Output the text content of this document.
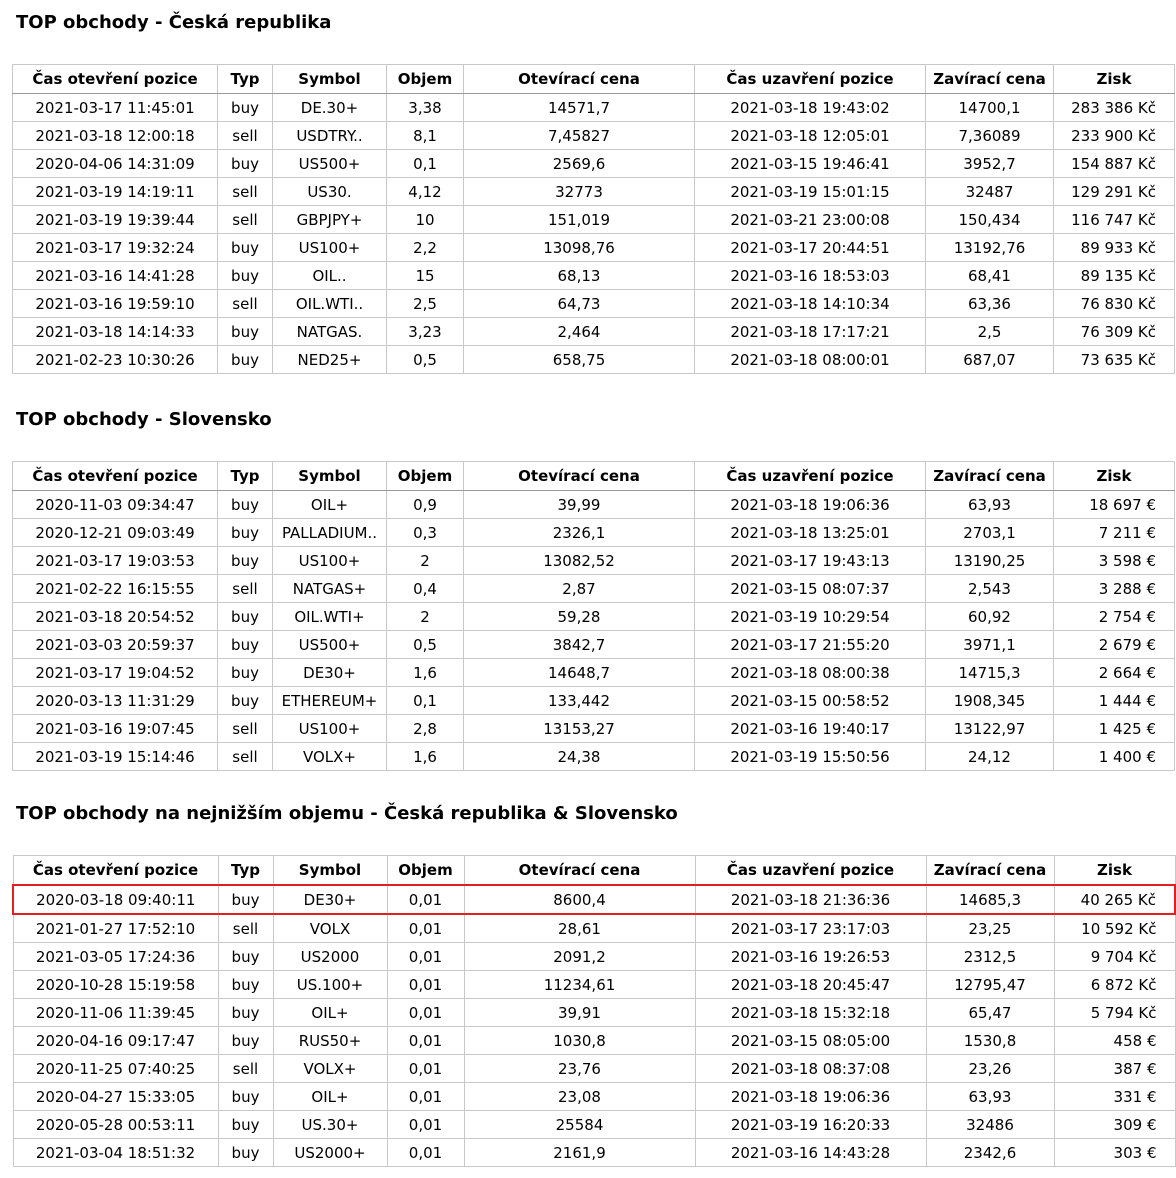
TOP obchody - Česká republika
Čas otevření pozice	Typ	Symbol	Objem	Otevírací cena	Čas uzavření pozice	Zavírací cena	Zisk
2021-03-17 11:45:01	buy	DE.30+	3,38	14571,7	2021-03-18 19:43:02	14700,1	283 386 Kč
2021-03-18 12:00:18	sell	USDTRY..	8,1	7,45827	2021-03-18 12:05:01	7,36089	233 900 Kč
2020-04-06 14:31:09	buy	US500+	0,1	2569,6	2021-03-15 19:46:41	3952,7	154 887 Kč
2021-03-19 14:19:11	sell	US30.	4,12	32773	2021-03-19 15:01:15	32487	129 291 Kč
2021-03-19 19:39:44	sell	GBPJPY+	10	151,019	2021-03-21 23:00:08	150,434	116 747 Kč
2021-03-17 19:32:24	buy	US100+	2,2	13098,76	2021-03-17 20:44:51	13192,76	89 933 Kč
2021-03-16 14:41:28	buy	OIL..	15	68,13	2021-03-16 18:53:03	68,41	89 135 Kč
2021-03-16 19:59:10	sell	OIL.WTI..	2,5	64,73	2021-03-18 14:10:34	63,36	76 830 Kč
2021-03-18 14:14:33	buy	NATGAS.	3,23	2,464	2021-03-18 17:17:21	2,5	76 309 Kč
2021-02-23 10:30:26	buy	NED25+	0,5	658,75	2021-03-18 08:00:01	687,07	73 635 Kč
TOP obchody - Slovensko
Čas otevření pozice	Typ	Symbol	Objem	Otevírací cena	Čas uzavření pozice	Zavírací cena	Zisk
2020-11-03 09:34:47	buy	OIL+	0,9	39,99	2021-03-18 19:06:36	63,93	18 697 €
2020-12-21 09:03:49	buy	PALLADIUM..	0,3	2326,1	2021-03-18 13:25:01	2703,1	7 211 €
2021-03-17 19:03:53	buy	US100+	2	13082,52	2021-03-17 19:43:13	13190,25	3 598 €
2021-02-22 16:15:55	sell	NATGAS+	0,4	2,87	2021-03-15 08:07:37	2,543	3 288 €
2021-03-18 20:54:52	buy	OIL.WTI+	2	59,28	2021-03-19 10:29:54	60,92	2 754 €
2021-03-03 20:59:37	buy	US500+	0,5	3842,7	2021-03-17 21:55:20	3971,1	2 679 €
2021-03-17 19:04:52	buy	DE30+	1,6	14648,7	2021-03-18 08:00:38	14715,3	2 664 €
2020-03-13 11:31:29	buy	ETHEREUM+	0,1	133,442	2021-03-15 00:58:52	1908,345	1 444 €
2021-03-16 19:07:45	sell	US100+	2,8	13153,27	2021-03-16 19:40:17	13122,97	1 425 €
2021-03-19 15:14:46	sell	VOLX+	1,6	24,38	2021-03-19 15:50:56	24,12	1 400 €
TOP obchody na nejnižším objemu - Česká republika & Slovensko
Čas otevření pozice	Typ	Symbol	Objem	Otevírací cena	Čas uzavření pozice	Zavírací cena	Zisk
2020-03-18 09:40:11	buy	DE30+	0,01	8600,4	2021-03-18 21:36:36	14685,3	40 265 Kč
2021-01-27 17:52:10	sell	VOLX	0,01	28,61	2021-03-17 23:17:03	23,25	10 592 Kč
2021-03-05 17:24:36	buy	US2000	0,01	2091,2	2021-03-16 19:26:53	2312,5	9 704 Kč
2020-10-28 15:19:58	buy	US.100+	0,01	11234,61	2021-03-18 20:45:47	12795,47	6 872 Kč
2020-11-06 11:39:45	buy	OIL+	0,01	39,91	2021-03-18 15:32:18	65,47	5 794 Kč
2020-04-16 09:17:47	buy	RUS50+	0,01	1030,8	2021-03-15 08:05:00	1530,8	458 €
2020-11-25 07:40:25	sell	VOLX+	0,01	23,76	2021-03-18 08:37:08	23,26	387 €
2020-04-27 15:33:05	buy	OIL+	0,01	23,08	2021-03-18 19:06:36	63,93	331 €
2020-05-28 00:53:11	buy	US.30+	0,01	25584	2021-03-19 16:20:33	32486	309 €
2021-03-04 18:51:32	buy	US2000+	0,01	2161,9	2021-03-16 14:43:28	2342,6	303 €
